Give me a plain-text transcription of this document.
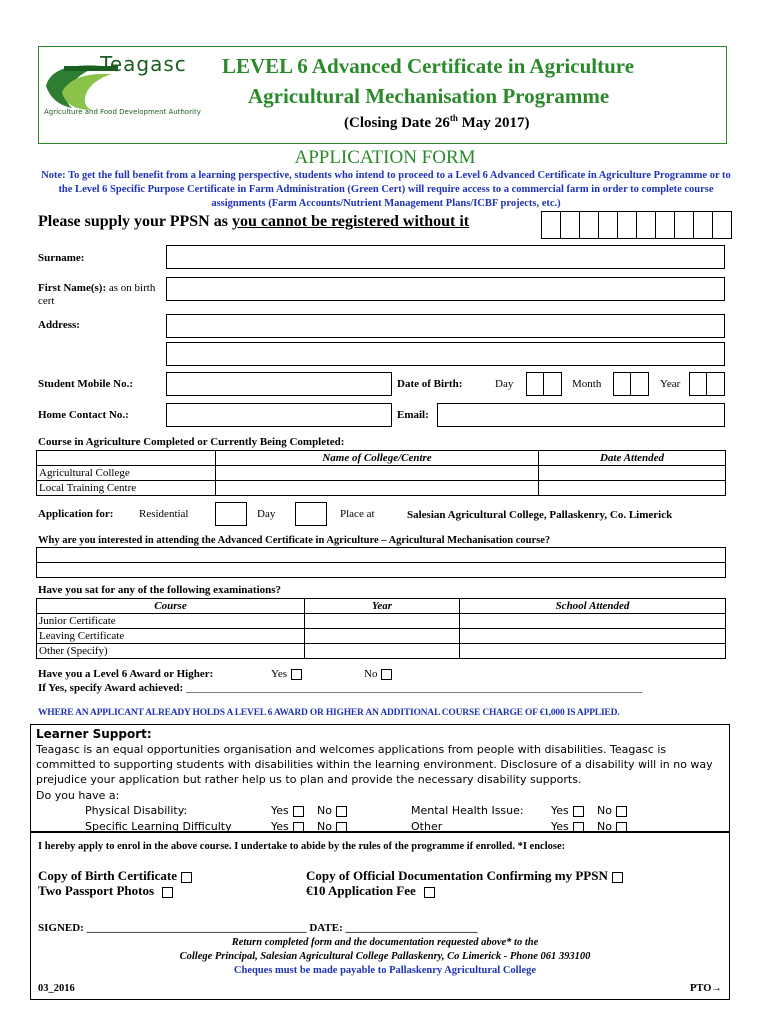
Teagasc
Agriculture and Food Development Authority
LEVEL 6 Advanced Certificate in Agriculture
Agricultural Mechanisation Programme
(Closing Date 26th May 2017)
APPLICATION FORM
Note: To get the full benefit from a learning perspective, students who intend to proceed to a Level 6 Advanced Certificate in Agriculture Programme or to the Level 6 Specific Purpose Certificate in Farm Administration (Green Cert) will require access to a commercial farm in order to complete course assignments (Farm Accounts/Nutrient Management Plans/ICBF projects, etc.)
Please supply your PPSN as you cannot be registered without it
Surname:
First Name(s): as on birth cert
Address:
Student Mobile No.:	Date of Birth:	Day	Month	Year
Home Contact No.:	Email:
Course in Agriculture Completed or Currently Being Completed:
	Name of College/Centre	Date Attended
Agricultural College		
Local Training Centre		
Application for: Residential	Day	Place at	Salesian Agricultural College, Pallaskenry, Co. Limerick
Why are you interested in attending the Advanced Certificate in Agriculture – Agricultural Mechanisation course?
Have you sat for any of the following examinations?
Course	Year	School Attended
Junior Certificate		
Leaving Certificate		
Other (Specify)		
Have you a Level 6 Award or Higher:	Yes	No
If Yes, specify Award achieved: ___________________________________________________________________________________
WHERE AN APPLICANT ALREADY HOLDS A LEVEL 6 AWARD OR HIGHER AN ADDITIONAL COURSE CHARGE OF €1,000 IS APPLIED.
Learner Support:
Teagasc is an equal opportunities organisation and welcomes applications from people with disabilities. Teagasc is committed to supporting students with disabilities within the learning environment. Disclosure of a disability will in no way prejudice your application but rather help us to plan and provide the necessary disability supports.
Do you have a:
Physical Disability:	Yes	No	Mental Health Issue: Yes	No
Specific Learning Difficulty	Yes	No	Other	Yes	No
I hereby apply to enrol in the above course. I undertake to abide by the rules of the programme if enrolled. *I enclose:
Copy of Birth Certificate
Two Passport Photos
Copy of Official Documentation Confirming my PPSN
€10 Application Fee
SIGNED: ________________________________________ DATE: ________________________
Return completed form and the documentation requested above* to the
College Principal, Salesian Agricultural College Pallaskenry, Co Limerick - Phone 061 393100
Cheques must be made payable to Pallaskenry Agricultural College
03_2016	PTO→
